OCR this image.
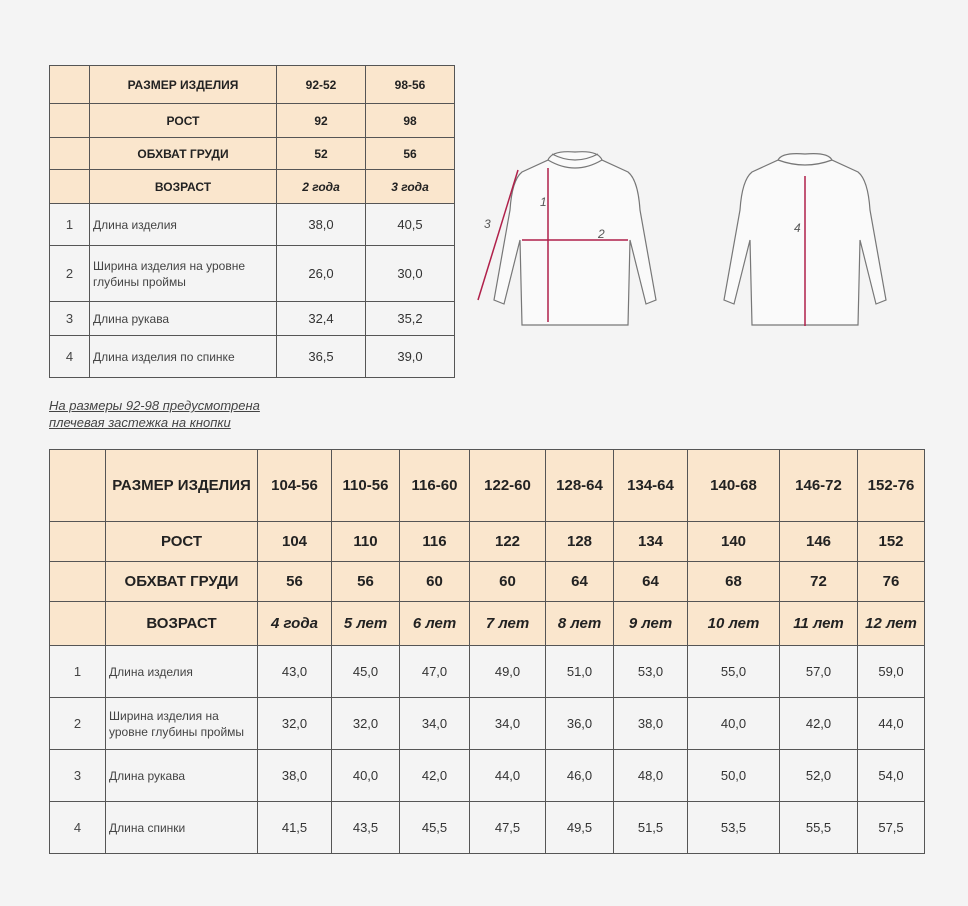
	РАЗМЕР ИЗДЕЛИЯ	92-52	98-56
	РОСТ	92	98
	ОБХВАТ ГРУДИ	52	56
	ВОЗРАСТ	2 года	3 года
1	Длина изделия	38,0	40,5
2	Ширина изделия на уровне глубины проймы	26,0	30,0
3	Длина рукава	32,4	35,2
4	Длина изделия по спинке	36,5	39,0
На размеры 92-98 предусмотрена
плечевая застежка на кнопки
1
2
3	4
	РАЗМЕР ИЗДЕЛИЯ	104-56	110-56	116-60	122-60	128-64	134-64	140-68	146-72	152-76
	РОСТ	104	110	116	122	128	134	140	146	152
	ОБХВАТ ГРУДИ	56	56	60	60	64	64	68	72	76
	ВОЗРАСТ	4 года	5 лет	6 лет	7 лет	8 лет	9 лет	10 лет	11 лет	12 лет
1	Длина изделия	43,0	45,0	47,0	49,0	51,0	53,0	55,0	57,0	59,0
2	Ширина изделия на уровне глубины проймы	32,0	32,0	34,0	34,0	36,0	38,0	40,0	42,0	44,0
3	Длина рукава	38,0	40,0	42,0	44,0	46,0	48,0	50,0	52,0	54,0
4	Длина спинки	41,5	43,5	45,5	47,5	49,5	51,5	53,5	55,5	57,5
